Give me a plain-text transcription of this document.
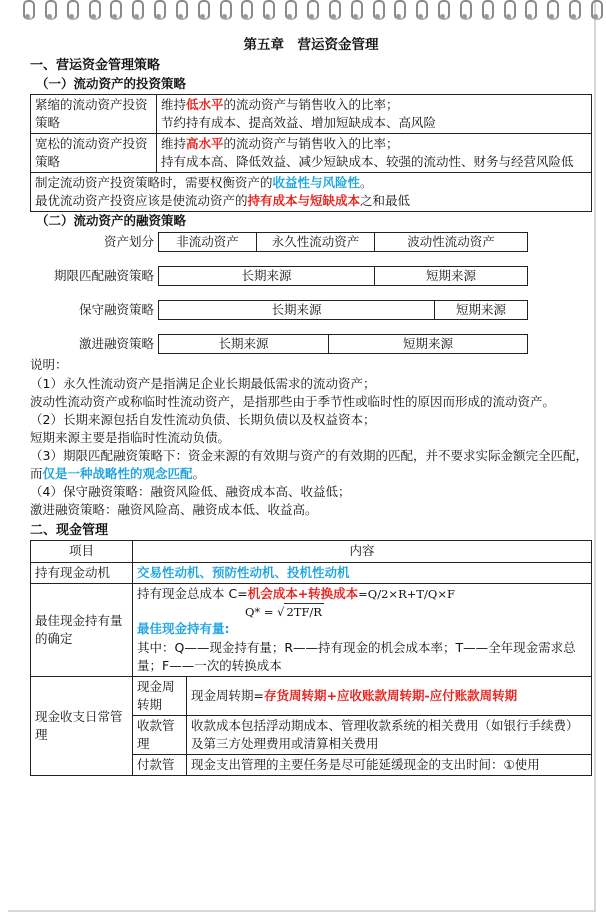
第五章　营运资金管理
一、营运资金管理策略
（一）流动资产的投资策略
紧缩的流动资产投资策略	维持低水平的流动资产与销售收入的比率；
节约持有成本、提高效益、增加短缺成本、高风险

宽松的流动资产投资策略	维持高水平的流动资产与销售收入的比率；
持有成本高、降低效益、减少短缺成本、较强的流动性、财务与经营风险低

制定流动资产投资策略时，需要权衡资产的收益性与风险性。
最优流动资产投资应该是使流动资产的持有成本与短缺成本之和最低	
（二）流动资产的融资策略
资产划分	非流动资产	永久性流动资产	波动性流动资产
期限匹配融资策略	长期来源	短期来源
保守融资策略	长期来源	短期来源
激进融资策略	长期来源	短期来源

说明：

（1）永久性流动资产是指满足企业长期最低需求的流动资产；

波动性流动资产或称临时性流动资产，是指那些由于季节性或临时性的原因而形成的流动资产。

（2）长期来源包括自发性流动负债、长期负债以及权益资本；

短期来源主要是指临时性流动负债。

（3）期限匹配融资策略下：资金来源的有效期与资产的有效期的匹配，并不要求实际金额完全匹配，而仅是一种战略性的观念匹配。

（4）保守融资策略：融资风险低、融资成本高、收益低；

激进融资策略：融资风险高、融资成本低、收益高。

二、现金管理
项目	内容	
持有现金动机	交易性动机、预防性动机、投机性动机	
最佳现金持有量的确定	持有现金总成本 C=机会成本+转换成本=Q/2×R+T/Q×F
Q* = √ 2TF/R
最佳现金持有量:
其中：Q——现金持有量；R——持有现金的机会成本率；T——全年现金需求总量；F——一次的转换成本	

现金收支日常管理	现金周转期	现金周转期=存货周转期+应收账款周转期-应付账款周转期
	收款管理	收款成本包括浮动期成本、管理收款系统的相关费用（如银行手续费）及第三方处理费用或清算相关费用
	付款管	现金支出管理的主要任务是尽可能延缓现金的支出时间：①使用
